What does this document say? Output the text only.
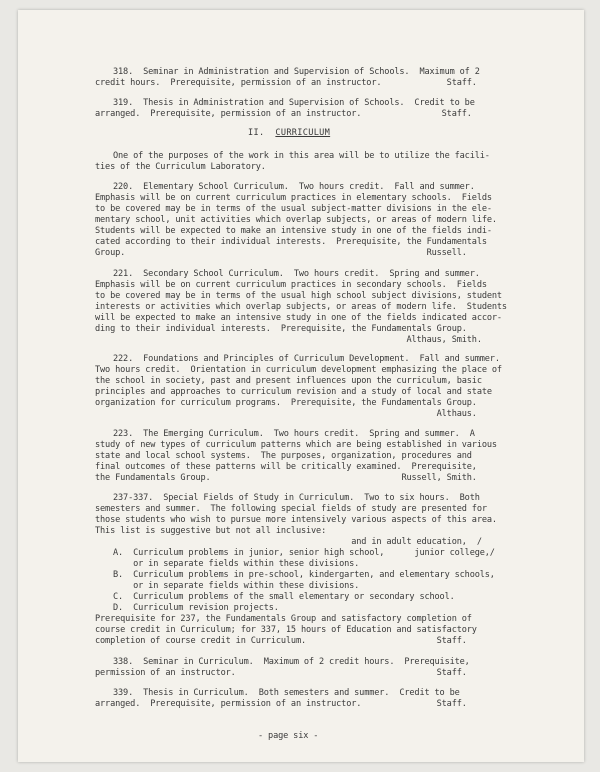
318.  Seminar in Administration and Supervision of Schools.  Maximum of 2
credit hours.  Prerequisite, permission of an instructor.             Staff.
319.  Thesis in Administration and Supervision of Schools.  Credit to be
arranged.  Prerequisite, permission of an instructor.                Staff.
II. CURRICULUM
One of the purposes of the work in this area will be to utilize the facili-
ties of the Curriculum Laboratory.
220.  Elementary School Curriculum.  Two hours credit.  Fall and summer.
Emphasis will be on current curriculum practices in elementary schools.  Fields
to be covered may be in terms of the usual subject-matter divisions in the ele-
mentary school, unit activities which overlap subjects, or areas of modern life.
Students will be expected to make an intensive study in one of the fields indi-
cated according to their individual interests.  Prerequisite, the Fundamentals
Group.                                                            Russell.
221.  Secondary School Curriculum.  Two hours credit.  Spring and summer.
Emphasis will be on current curriculum practices in secondary schools.  Fields
to be covered may be in terms of the usual high school subject divisions, student
interests or activities which overlap subjects, or areas of modern life.  Students
will be expected to make an intensive study in one of the fields indicated accor-
ding to their individual interests.  Prerequisite, the Fundamentals Group.
Althaus, Smith.
222.  Foundations and Principles of Curriculum Development.  Fall and summer.
Two hours credit.  Orientation in curriculum development emphasizing the place of
the school in society, past and present influences upon the curriculum, basic
principles and approaches to curriculum revision and a study of local and state
organization for curriculum programs.  Prerequisite, the Fundamentals Group.
Althaus.
223.  The Emerging Curriculum.  Two hours credit.  Spring and summer.  A
study of new types of curriculum patterns which are being established in various
state and local school systems.  The purposes, organization, procedures and
final outcomes of these patterns will be critically examined.  Prerequisite,
the Fundamentals Group.                                      Russell, Smith.
237-337.  Special Fields of Study in Curriculum.  Two to six hours.  Both
semesters and summer.  The following special fields of study are presented for
those students who wish to pursue more intensively various aspects of this area.
This list is suggestive but not all inclusive:
and in adult education,  /
A.  Curriculum problems in junior, senior high school,      junior college,/
or in separate fields within these divisions.
B.  Curriculum problems in pre-school, kindergarten, and elementary schools,
or in separate fields within these divisions.
C.  Curriculum problems of the small elementary or secondary school.
D.  Curriculum revision projects.
Prerequisite for 237, the Fundamentals Group and satisfactory completion of
course credit in Curriculum; for 337, 15 hours of Education and satisfactory
completion of course credit in Curriculum.                          Staff.
338.  Seminar in Curriculum.  Maximum of 2 credit hours.  Prerequisite,
permission of an instructor.                                        Staff.
339.  Thesis in Curriculum.  Both semesters and summer.  Credit to be
arranged.  Prerequisite, permission of an instructor.               Staff.
- page six -
